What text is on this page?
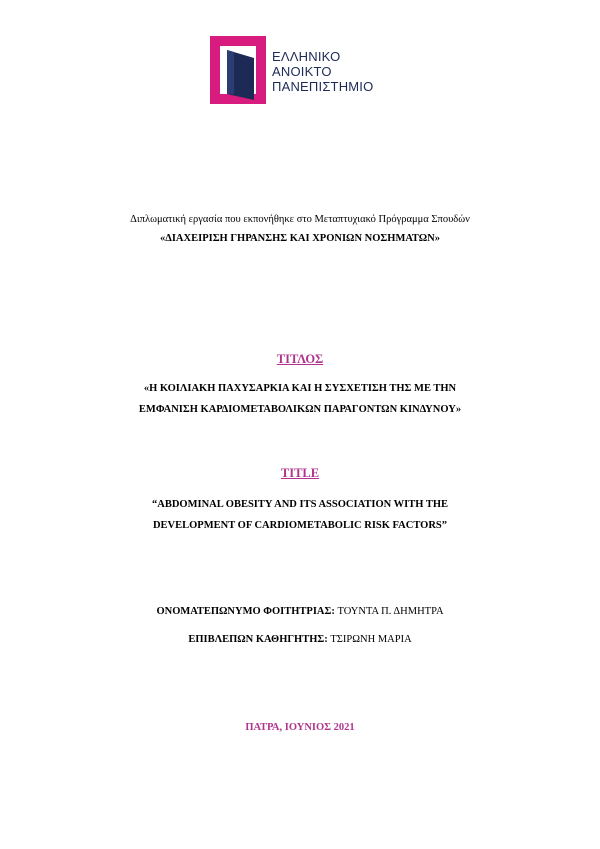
ΕΛΛΗΝΙΚΟ
ΑΝΟΙΚΤΟ
ΠΑΝΕΠΙΣΤΗΜΙΟ
Διπλωματική εργασία που εκπονήθηκε στο Μεταπτυχιακό Πρόγραμμα Σπουδών
«ΔΙΑΧΕΙΡΙΣΗ ΓΗΡΑΝΣΗΣ ΚΑΙ ΧΡΟΝΙΩΝ ΝΟΣΗΜΑΤΩΝ»
ΤΙΤΛΟΣ
«Η ΚΟΙΛΙΑΚΗ ΠΑΧΥΣΑΡΚΙΑ ΚΑΙ Η ΣΥΣΧΕΤΙΣΗ ΤΗΣ ΜΕ ΤΗΝ
ΕΜΦΑΝΙΣΗ ΚΑΡΔΙΟΜΕΤΑΒΟΛΙΚΩΝ ΠΑΡΑΓΟΝΤΩΝ ΚΙΝΔΥΝΟΥ»
TITLE
“ABDOMINAL OBESITY AND ITS ASSOCIATION WITH THE
DEVELOPMENT OF CARDIOMETABOLIC RISK FACTORS”
ΟΝΟΜΑΤΕΠΩΝΥΜΟ ΦΟΙΤΗΤΡΙΑΣ: ΤΟΥΝΤΑ Π. ΔΗΜΗΤΡΑ
ΕΠΙΒΛΕΠΩΝ ΚΑΘΗΓΗΤΗΣ: ΤΣΙΡΩΝΗ ΜΑΡΙΑ
ΠΑΤΡΑ, ΙΟΥΝΙΟΣ 2021
